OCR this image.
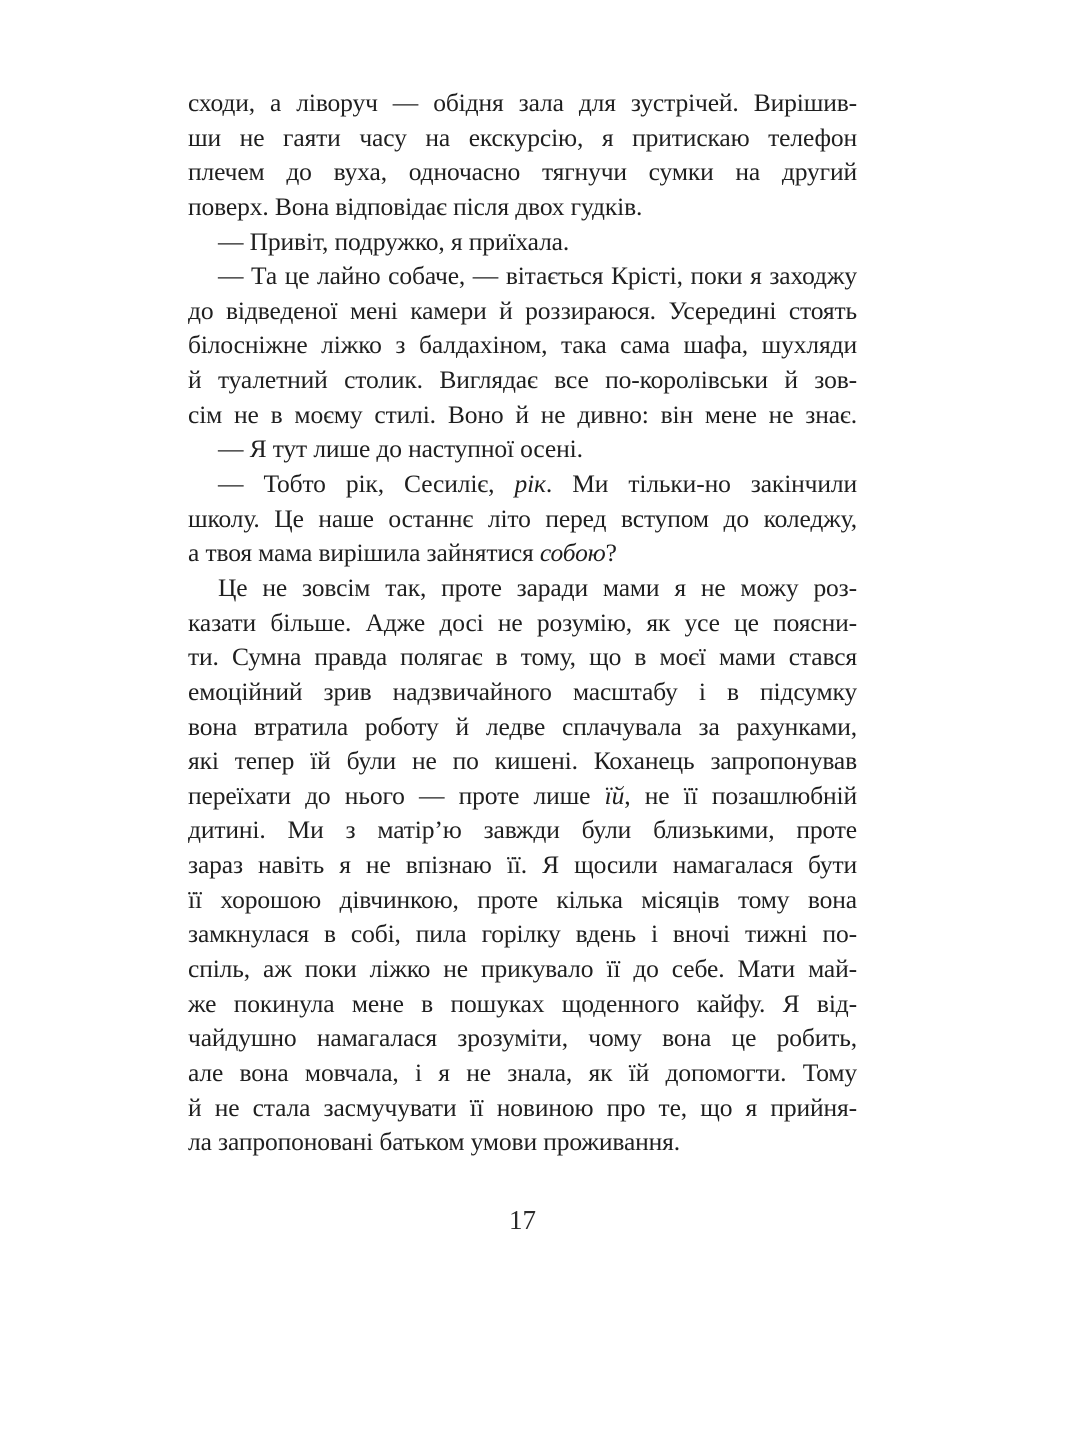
сходи, а ліворуч — обідня зала для зустрічей. Вирішив-
ши не гаяти часу на екскурсію, я притискаю телефон
плечем до вуха, одночасно тягнучи сумки на другий
поверх. Вона відповідає після двох гудків.
— Привіт, подружко, я приїхала.
— Та це лайно собаче, — вітається Крісті, поки я заходжу
до відведеної мені камери й роззираюся. Усередині стоять
білосніжне ліжко з балдахіном, така сама шафа, шухляди
й туалетний столик. Виглядає все по-королівськи й зов-
сім не в моєму стилі. Воно й не дивно: він мене не знає.
— Я тут лише до наступної осені.
— Тобто рік, Сесиліє, рік. Ми тільки-но закінчили
школу. Це наше останнє літо перед вступом до коледжу,
а твоя мама вирішила зайнятися собою?
Це не зовсім так, проте заради мами я не можу роз-
казати більше. Адже досі не розумію, як усе це поясни-
ти. Сумна правда полягає в тому, що в моєї мами стався
емоційний зрив надзвичайного масштабу і в підсумку
вона втратила роботу й ледве сплачувала за рахунками,
які тепер їй були не по кишені. Коханець запропонував
переїхати до нього — проте лише їй, не її позашлюбній
дитині. Ми з матір’ю завжди були близькими, проте
зараз навіть я не впізнаю її. Я щосили намагалася бути
її хорошою дівчинкою, проте кілька місяців тому вона
замкнулася в собі, пила горілку вдень і вночі тижні по-
спіль, аж поки ліжко не прикувало її до себе. Мати май-
же покинула мене в пошуках щоденного кайфу. Я від-
чайдушно намагалася зрозуміти, чому вона це робить,
але вона мовчала, і я не знала, як їй допомогти. Тому
й не стала засмучувати її новиною про те, що я прийня-
ла запропоновані батьком умови проживання.
17
